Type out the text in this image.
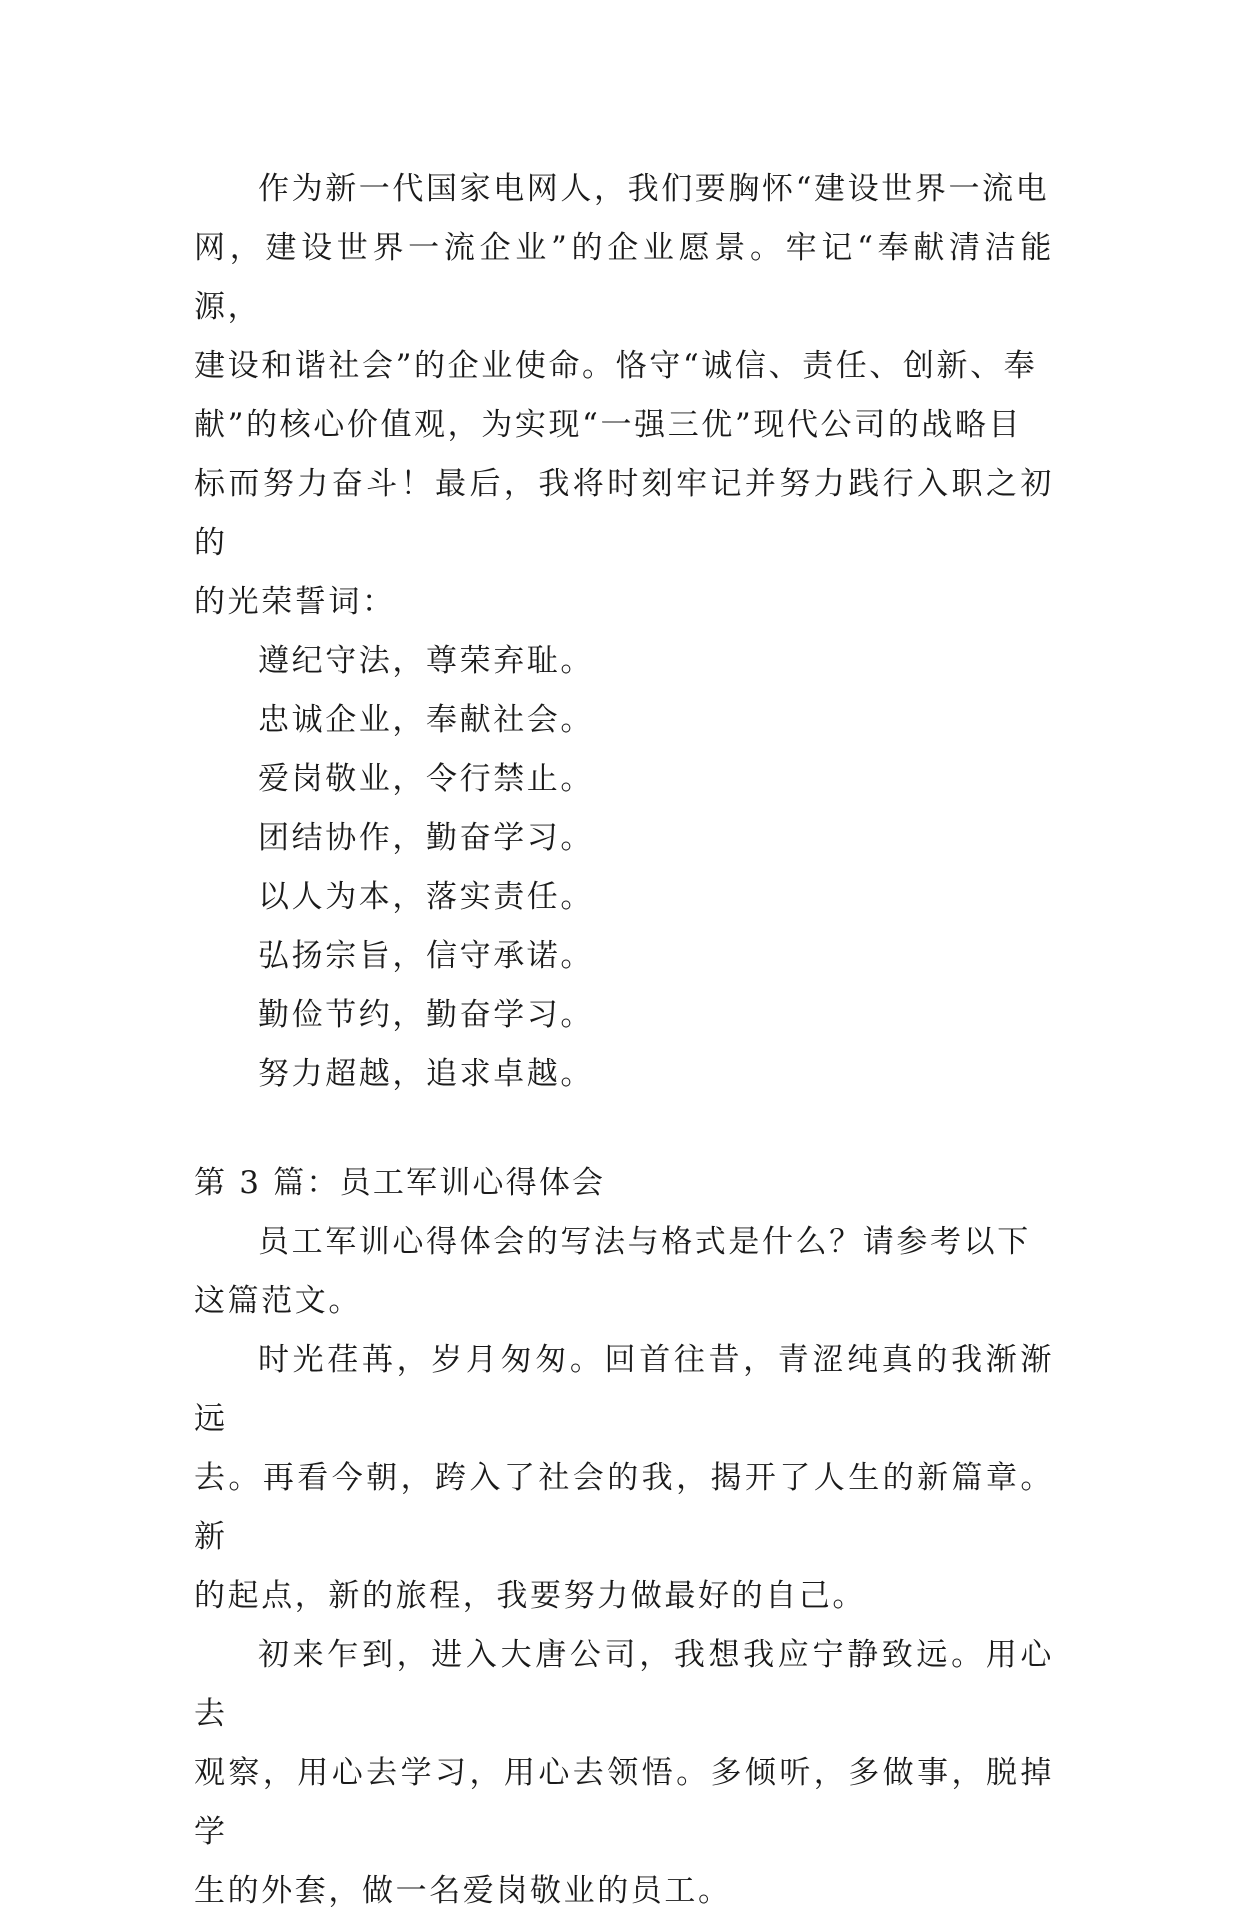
作为新一代国家电网人，我们要胸怀“建设世界一流电
网，建设世界一流企业”的企业愿景。牢记“奉献清洁能源，
建设和谐社会”的企业使命。恪守“诚信、责任、创新、奉
献”的核心价值观，为实现“一强三优”现代公司的战略目
标而努力奋斗！最后，我将时刻牢记并努力践行入职之初的
的光荣誓词：

遵纪守法，尊荣弃耻。
忠诚企业，奉献社会。
爱岗敬业，令行禁止。
团结协作，勤奋学习。
以人为本，落实责任。
弘扬宗旨，信守承诺。
勤俭节约，勤奋学习。
努力超越，追求卓越。

第 3 篇：员工军训心得体会

员工军训心得体会的写法与格式是什么？请参考以下
这篇范文。

时光荏苒，岁月匆匆。回首往昔，青涩纯真的我渐渐远
去。再看今朝，跨入了社会的我，揭开了人生的新篇章。新
的起点，新的旅程，我要努力做最好的自己。

初来乍到，进入大唐公司，我想我应宁静致远。用心去
观察，用心去学习，用心去领悟。多倾听，多做事，脱掉学
生的外套，做一名爱岗敬业的员工。
